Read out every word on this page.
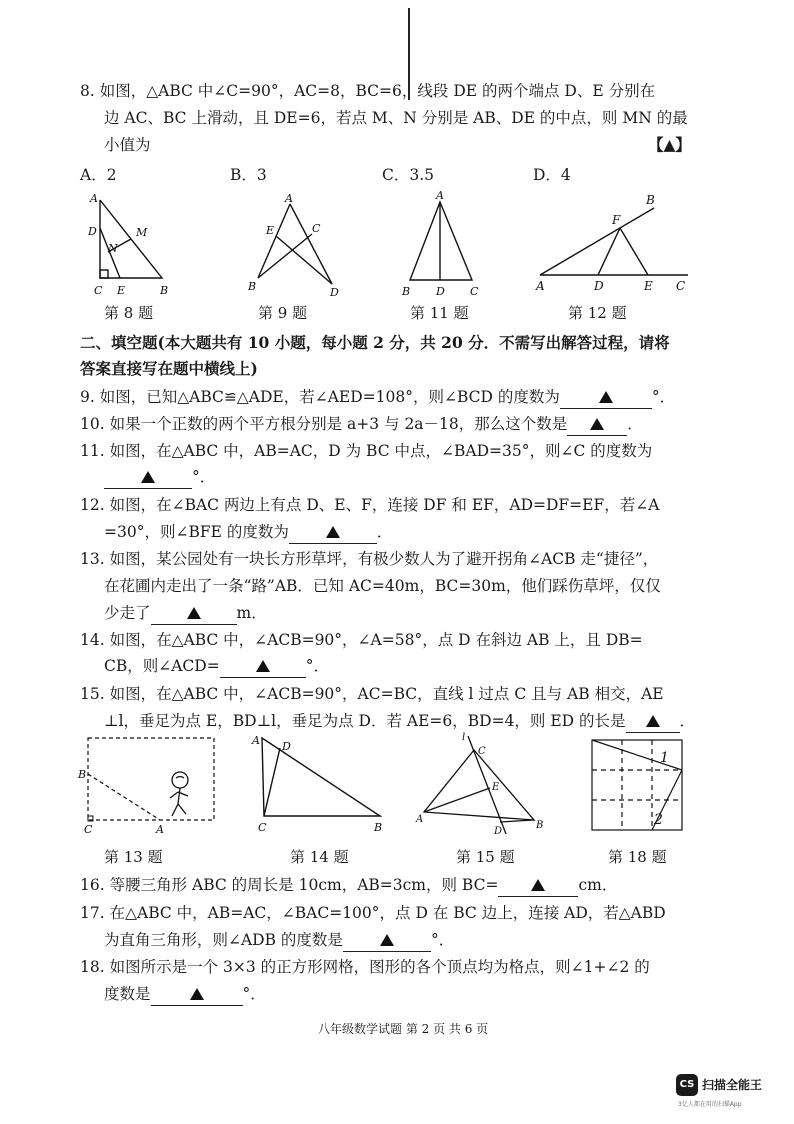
8. 如图，△ABC 中∠C=90°，AC=8，BC=6，线段 DE 的两个端点 D、E 分别在
边 AC、BC 上滑动，且 DE=6，若点 M、N 分别是 AB、DE 的中点，则 MN 的最
小值为	【▲】
A．2	B．3	C．3.5	D．4
A
D	M
N
C E	B
A
E	C
B	D
A
B D C
B
F
A	D	E C
第 8 题	第 9 题	第 11 题	第 12 题
二、填空题(本大题共有 10 小题，每小题 2 分，共 20 分．不需写出解答过程，请将
答案直接写在题中横线上)
9. 如图，已知△ABC≌△ADE，若∠AED=108°，则∠BCD 的度数为	°．
10. 如果一个正数的两个平方根分别是 a+3 与 2a－18，那么这个数是	．
11. 如图，在△ABC 中，AB=AC，D 为 BC 中点，∠BAD=35°，则∠C 的度数为
°．
12. 如图，在∠BAC 两边上有点 D、E、F，连接 DF 和 EF，AD=DF=EF，若∠A
=30°，则∠BFE 的度数为	．
13. 如图，某公园处有一块长方形草坪，有极少数人为了避开拐角∠ACB 走“捷径”，
在花圃内走出了一条“路”AB．已知 AC=40m，BC=30m，他们踩伤草坪，仅仅
少走了	m．
14. 如图，在△ABC 中，∠ACB=90°，∠A=58°，点 D 在斜边 AB 上，且 DB=
CB，则∠ACD=	°．
15. 如图，在△ABC 中，∠ACB=90°，AC=BC，直线 l 过点 C 且与 AB 相交，AE
⊥l，垂足为点 E，BD⊥l，垂足为点 D．若 AE=6，BD=4，则 ED 的长是	．
B
C	A
A D
C	B
l
C
E
A
D
B
1
2
第 13 题	第 14 题	第 15 题	第 18 题
16. 等腰三角形 ABC 的周长是 10cm，AB=3cm，则 BC=	cm．
17. 在△ABC 中，AB=AC，∠BAC=100°，点 D 在 BC 边上，连接 AD，若△ABD
为直角三角形，则∠ADB 的度数是	°．
18. 如图所示是一个 3×3 的正方形网格，图形的各个顶点均为格点，则∠1+∠2 的
度数是	°．
八年级数学试题 第 2 页 共 6 页
CS 扫描全能王
3亿人都在用的扫描App
